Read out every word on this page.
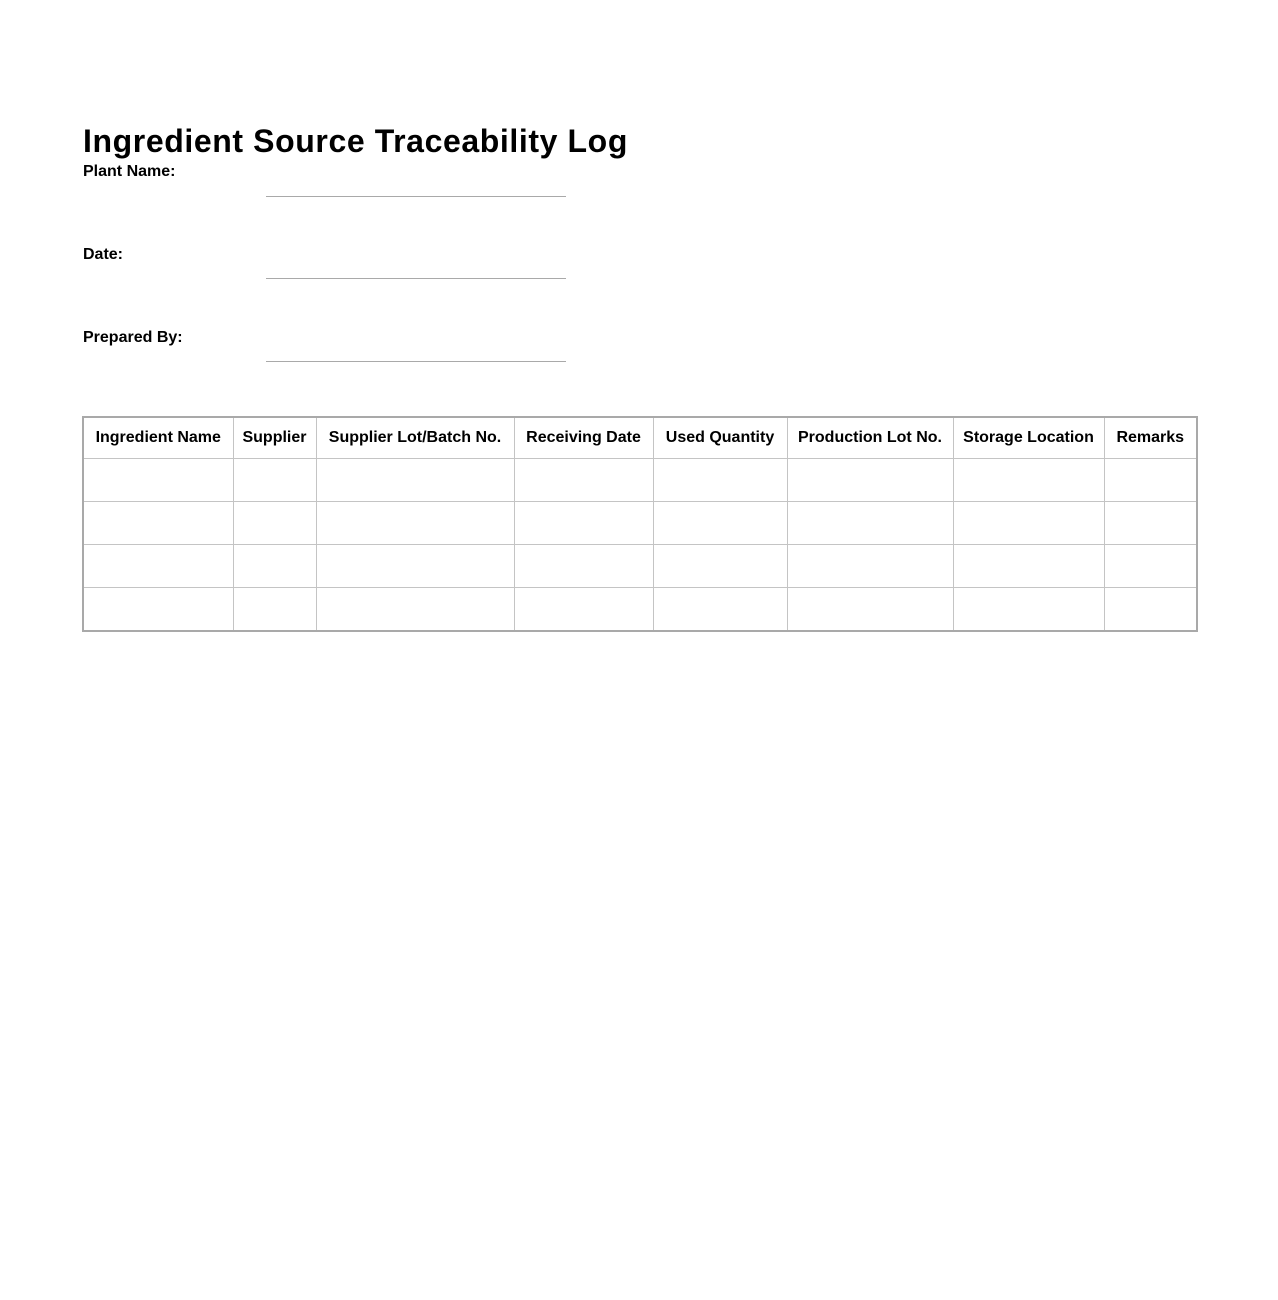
Ingredient Source Traceability Log
Plant Name:
Date:
Prepared By:
Ingredient Name	Supplier	Supplier Lot/Batch No.	Receiving Date	Used Quantity	Production Lot No.	Storage Location	Remarks
